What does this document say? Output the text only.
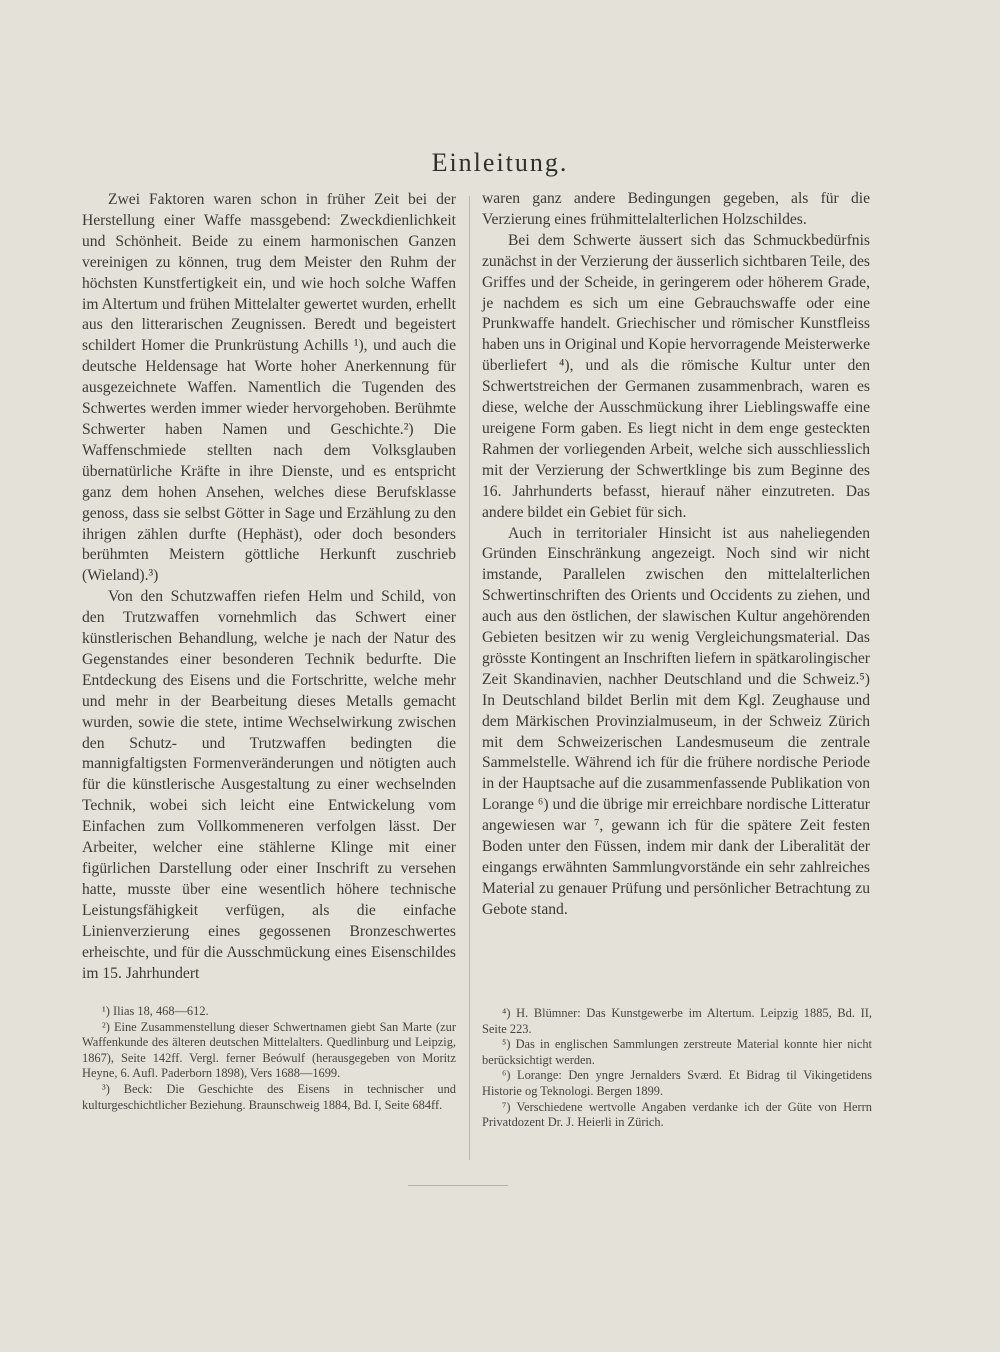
Einleitung.

Zwei Faktoren waren schon in früher Zeit bei der Herstellung einer Waffe massgebend: Zweckdienlichkeit und Schönheit. Beide zu einem harmonischen Ganzen vereinigen zu können, trug dem Meister den Ruhm der höchsten Kunstfertigkeit ein, und wie hoch solche Waffen im Altertum und frühen Mittelalter gewertet wurden, erhellt aus den litterarischen Zeugnissen. Beredt und begeistert schildert Homer die Prunkrüstung Achills ¹), und auch die deutsche Heldensage hat Worte hoher Anerkennung für ausgezeichnete Waffen. Namentlich die Tugenden des Schwertes werden immer wieder hervorgehoben. Berühmte Schwerter haben Namen und Geschichte.²) Die Waffenschmiede stellten nach dem Volksglauben übernatürliche Kräfte in ihre Dienste, und es entspricht ganz dem hohen Ansehen, welches diese Berufsklasse genoss, dass sie selbst Götter in Sage und Erzählung zu den ihrigen zählen durfte (Hephäst), oder doch besonders berühmten Meistern göttliche Herkunft zuschrieb (Wieland).³)

Von den Schutzwaffen riefen Helm und Schild, von den Trutzwaffen vornehmlich das Schwert einer künstlerischen Behandlung, welche je nach der Natur des Gegenstandes einer besonderen Technik bedurfte. Die Entdeckung des Eisens und die Fortschritte, welche mehr und mehr in der Bearbeitung dieses Metalls gemacht wurden, sowie die stete, intime Wechselwirkung zwischen den Schutz- und Trutzwaffen bedingten die mannigfaltigsten Formenveränderungen und nötigten auch für die künstlerische Ausgestaltung zu einer wechselnden Technik, wobei sich leicht eine Entwickelung vom Einfachen zum Vollkommeneren verfolgen lässt. Der Arbeiter, welcher eine stählerne Klinge mit einer figürlichen Darstellung oder einer Inschrift zu versehen hatte, musste über eine wesentlich höhere technische Leistungsfähigkeit verfügen, als die einfache Linienverzierung eines gegossenen Bronzeschwertes erheischte, und für die Ausschmückung eines Eisenschildes im 15. Jahrhundert

waren ganz andere Bedingungen gegeben, als für die Verzierung eines frühmittelalterlichen Holzschildes.

Bei dem Schwerte äussert sich das Schmuckbedürfnis zunächst in der Verzierung der äusserlich sichtbaren Teile, des Griffes und der Scheide, in geringerem oder höherem Grade, je nachdem es sich um eine Gebrauchswaffe oder eine Prunkwaffe handelt. Griechischer und römischer Kunstfleiss haben uns in Original und Kopie hervorragende Meisterwerke überliefert ⁴), und als die römische Kultur unter den Schwertstreichen der Germanen zusammenbrach, waren es diese, welche der Ausschmückung ihrer Lieblingswaffe eine ureigene Form gaben. Es liegt nicht in dem enge gesteckten Rahmen der vorliegenden Arbeit, welche sich ausschliesslich mit der Verzierung der Schwertklinge bis zum Beginne des 16. Jahrhunderts befasst, hierauf näher einzutreten. Das andere bildet ein Gebiet für sich.

Auch in territorialer Hinsicht ist aus naheliegenden Gründen Einschränkung angezeigt. Noch sind wir nicht imstande, Parallelen zwischen den mittelalterlichen Schwertinschriften des Orients und Occidents zu ziehen, und auch aus den östlichen, der slawischen Kultur angehörenden Gebieten besitzen wir zu wenig Vergleichungsmaterial. Das grösste Kontingent an Inschriften liefern in spätkarolingischer Zeit Skandinavien, nachher Deutschland und die Schweiz.⁵) In Deutschland bildet Berlin mit dem Kgl. Zeughause und dem Märkischen Provinzialmuseum, in der Schweiz Zürich mit dem Schweizerischen Landesmuseum die zentrale Sammelstelle. Während ich für die frühere nordische Periode in der Hauptsache auf die zusammenfassende Publikation von Lorange ⁶) und die übrige mir erreichbare nordische Litteratur angewiesen war ⁷, gewann ich für die spätere Zeit festen Boden unter den Füssen, indem mir dank der Liberalität der eingangs erwähnten Sammlungvorstände ein sehr zahlreiches Material zu genauer Prüfung und persönlicher Betrachtung zu Gebote stand.

¹) Ilias 18, 468—612.

²) Eine Zusammenstellung dieser Schwertnamen giebt San Marte (zur Waffenkunde des älteren deutschen Mittelalters. Quedlinburg und Leipzig, 1867), Seite 142ff. Vergl. ferner Beówulf (herausgegeben von Moritz Heyne, 6. Aufl. Paderborn 1898), Vers 1688—1699.

³) Beck: Die Geschichte des Eisens in technischer und kulturgeschichtlicher Beziehung. Braunschweig 1884, Bd. I, Seite 684ff.

⁴) H. Blümner: Das Kunstgewerbe im Altertum. Leipzig 1885, Bd. II, Seite 223.

⁵) Das in englischen Sammlungen zerstreute Material konnte hier nicht berücksichtigt werden.

⁶) Lorange: Den yngre Jernalders Sværd. Et Bidrag til Vikingetidens Historie og Teknologi. Bergen 1899.

⁷) Verschiedene wertvolle Angaben verdanke ich der Güte von Herrn Privatdozent Dr. J. Heierli in Zürich.
